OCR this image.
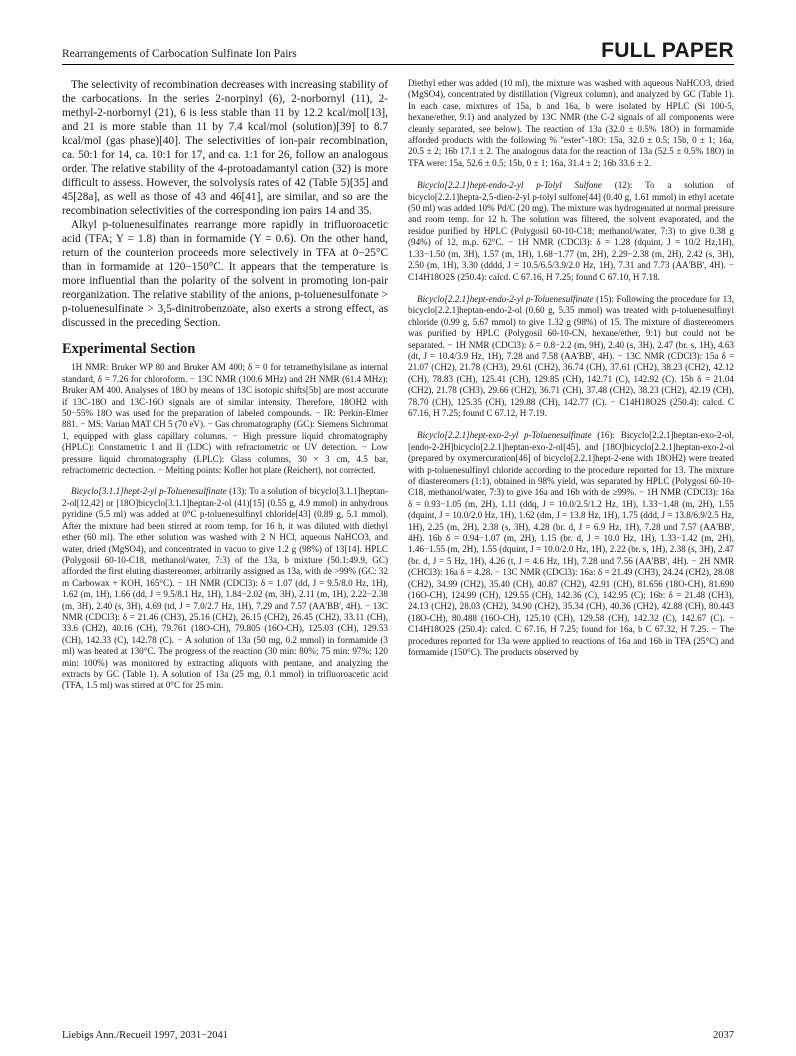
Rearrangements of Carbocation Sulfinate Ion Pairs	FULL PAPER

The selectivity of recombination decreases with increasing stability of the carbocations. In the series 2-norpinyl (6), 2-norbornyl (11), 2-methyl-2-norbornyl (21), 6 is less stable than 11 by 12.2 kcal/mol[13], and 21 is more stable than 11 by 7.4 kcal/mol (solution)[39] to 8.7 kcal/mol (gas phase)[40]. The selectivities of ion-pair recombination, ca. 50:1 for 14, ca. 10:1 for 17, and ca. 1:1 for 26, follow an analogous order. The relative stability of the 4-protoadamantyl cation (32) is more difficult to assess. However, the solvolysis rates of 42 (Table 5)[35] and 45[28a], as well as those of 43 and 46[41], are similar, and so are the recombination selectivities of the corresponding ion pairs 14 and 35.

Alkyl p-toluenesulfinates rearrange more rapidly in trifluoroacetic acid (TFA; Y = 1.8) than in formamide (Y = 0.6). On the other hand, return of the counterion proceeds more selectively in TFA at 0−25°C than in formamide at 120−150°C. It appears that the temperature is more influential than the polarity of the solvent in promoting ion-pair reorganization. The relative stability of the anions, p-toluenesulfonate > p-toluenesulfinate > 3,5-dinitrobenzoate, also exerts a strong effect, as discussed in the preceding Section.

Experimental Section

1H NMR: Bruker WP 80 and Bruker AM 400; δ = 0 for tetramethylsilane as internal standard, δ = 7.26 for chloroform. − 13C NMR (100.6 MHz) and 2H NMR (61.4 MHz): Bruker AM 400. Analyses of 18O by means of 13C isotopic shifts[5b] are most accurate if 13C-18O and 13C-16O signals are of similar intensity. Therefore, 18OH2 with 50−55% 18O was used for the preparation of labeled compounds. − IR: Perkin-Elmer 881. − MS: Varian MAT CH 5 (70 eV). − Gas chromatography (GC): Siemens Sichromat 1, equipped with glass capillary columns. − High pressure liquid chromatography (HPLC): Constametric I and II (LDC) with refractometric or UV detection. − Low pressure liquid chromatography (LPLC): Glass columns, 30 × 3 cm, 4.5 bar, refractometric dectection. − Melting points: Kofler hot plate (Reichert), not corrected.

Bicyclo[3.1.1]hept-2-yl p-Toluenesulfinate (13): To a solution of bicyclo[3.1.1]heptan-2-ol[12,42] or [18O]bicyclo[3.1.1]heptan-2-ol (41)[15] (0.55 g, 4.9 mmol) in anhydrous pyridine (5.5 ml) was added at 0°C p-toluenesulfinyl chloride[43] (0.89 g, 5.1 mmol). After the mixture had been stirred at room temp. for 16 h, it was diluted with diethyl ether (60 ml). The ether solution was washed with 2 N HCl, aqueous NaHCO3, and water, dried (MgSO4), and concentrated in vacuo to give 1.2 g (98%) of 13[14]. HPLC (Polygosil 60-10-C18, methanol/water, 7:3) of the 13a, b mixture (50.1:49.9, GC) afforded the first eluting diastereomer, arbitrarily assigned as 13a, with de >99% (GC: 32 m Carbowax + KOH, 165°C). − 1H NMR (CDCl3): δ = 1.07 (dd, J = 9.5/8.0 Hz, 1H), 1.62 (m, 1H), 1.66 (dd, J = 9.5/8.1 Hz, 1H), 1.84−2.02 (m, 3H), 2.11 (m, 1H), 2.22−2.38 (m, 3H), 2.40 (s, 3H), 4.69 (td, J = 7.0/2.7 Hz, 1H), 7.29 and 7.57 (AA'BB', 4H). − 13C NMR (CDCl3): δ = 21.46 (CH3), 25.16 (CH2), 26.15 (CH2), 26.45 (CH2), 33.11 (CH), 33.6 (CH2), 40.16 (CH), 79.761 (18O-CH), 79.805 (16O-CH), 125.03 (CH), 129.53 (CH), 142.33 (C), 142.78 (C). − A solution of 13a (50 mg, 0.2 mmol) in formamide (3 ml) was heated at 130°C. The progress of the reaction (30 min: 80%; 75 min: 97%; 120 min: 100%) was monitored by extracting aliquots with pentane, and analyzing the extracts by GC (Table 1). A solution of 13a (25 mg, 0.1 mmol) in trifluoroacetic acid (TFA, 1.5 ml) was stirred at 0°C for 25 min.

Diethyl ether was added (10 ml), the mixture was washed with aqueous NaHCO3, dried (MgSO4), concentrated by distillation (Vigreux column), and analyzed by GC (Table 1). In each case, mixtures of 15a, b and 16a, b were isolated by HPLC (Si 100-5, hexane/ether, 9:1) and analyzed by 13C NMR (the C-2 signals of all components were cleanly separated, see below). The reaction of 13a (32.0 ± 0.5% 18O) in formamide afforded products with the following % "ester"-18O: 15a, 32.0 ± 0.5; 15b, 0 ± 1; 16a, 20.5 ± 2; 16b 17.1 ± 2. The analogous data for the reaction of 13a (52.5 ± 0.5% 18O) in TFA were: 15a, 52.6 ± 0.5; 15b, 0 ± 1; 16a, 31.4 ± 2; 16b 33.6 ± 2.

Bicyclo[2.2.1]hept-endo-2-yl p-Tolyl Sulfone (12): To a solution of bicyclo[2.2.1]hepta-2,5-dien-2-yl p-tolyl sulfone[44] (0.40 g, 1.61 mmol) in ethyl acetate (50 ml) was added 10% Pd/C (20 mg). The mixture was hydrogenated at normal pressure and room temp. for 12 h. The solution was filtered, the solvent evaporated, and the residue purified by HPLC (Polygosil 60-10-C18; methanol/water, 7:3) to give 0.38 g (94%) of 12, m.p. 62°C. − 1H NMR (CDCl3): δ = 1.28 (dquint, J = 10/2 Hz,1H), 1.33−1.50 (m, 3H), 1.57 (m, 1H), 1.68−1.77 (m, 2H), 2.29−2.38 (m, 2H), 2.42 (s, 3H), 2.50 (m, 1H), 3.30 (dddd, J = 10.5/6.5/3.9/2.0 Hz, 1H), 7.31 and 7.73 (AA'BB', 4H). − C14H18O2S (250.4): calcd. C 67.16, H 7.25; found C 67.10, H 7.18.

Bicyclo[2.2.1]hept-endo-2-yl p-Toluenesulfinate (15): Following the procedure for 13, bicyclo[2.2.1]heptan-endo-2-ol (0.60 g, 5.35 mmol) was treated with p-toluenesulfinyl chloride (0.99 g, 5.67 mmol) to give 1.32 g (98%) of 15. The mixture of diastereomers was purified by HPLC (Polygosil 60-10-CN, hexane/ether, 9:1) but could not be separated. − 1H NMR (CDCl3): δ = 0.8−2.2 (m, 9H), 2.40 (s, 3H), 2.47 (br. s, 1H), 4.63 (dt, J = 10.4/3.9 Hz, 1H), 7.28 and 7.58 (AA'BB', 4H). − 13C NMR (CDCl3): 15a δ = 21.07 (CH2), 21.78 (CH3), 29.61 (CH2), 36.74 (CH), 37.61 (CH2), 38.23 (CH2), 42.12 (CH), 78.83 (CH), 125.41 (CH), 129.85 (CH), 142.71 (C), 142.92 (C). 15b δ = 21.04 (CH2), 21.78 (CH3), 29.66 (CH2), 36.71 (CH), 37.48 (CH2), 38.23 (CH2), 42.19 (CH), 78.70 (CH), 125.35 (CH), 129.88 (CH), 142.77 (C). − C14H18O2S (250.4): calcd. C 67.16, H 7.25; found C 67.12, H 7.19.

Bicyclo[2.2.1]hept-exo-2-yl p-Toluenesulfinate (16): Bicyclo[2.2.1]heptan-exo-2-ol, [endo-2-2H]bicyclo[2.2.1]heptan-exo-2-ol[45], and [18O]bicyclo[2.2.1]heptan-exo-2-ol (prepared by oxymercuration[46] of bicyclo[2.2.1]hept-2-ene with 18OH2) were treated with p-toluenesulfinyl chloride according to the procedure reported for 13. The mixture of diastereomers (1:1), obtained in 98% yield, was separated by HPLC (Polygosi 60-10-C18, methanol/water, 7:3) to give 16a and 16b with de ≥99%. − 1H NMR (CDCl3): 16a δ = 0.93−1.05 (m, 2H), 1.11 (ddq, J = 10.0/2.5/1.2 Hz, 1H), 1.33−1.48 (m, 2H), 1.55 (dquint, J = 10.0/2.0 Hz, 1H), 1.62 (dm, J = 13.8 Hz, 1H), 1.75 (ddd, J = 13.8/6.9/2.5 Hz, 1H), 2.25 (m, 2H), 2.38 (s, 3H), 4.28 (br. d, J = 6.9 Hz, 1H), 7.28 und 7.57 (AA'BB', 4H). 16b δ = 0.94−1.07 (m, 2H), 1.15 (br. d, J = 10.0 Hz, 1H), 1.33−1.42 (m, 2H), 1.46−1.55 (m, 2H), 1.55 (dquint, J = 10.0/2.0 Hz, 1H), 2.22 (br. s, 1H), 2.38 (s, 3H), 2.47 (br. d, J = 5 Hz, 1H), 4.26 (t, J = 4.6 Hz, 1H), 7.28 und 7.56 (AA'BB', 4H). − 2H NMR (CHCl3): 16a δ = 4.28. − 13C NMR (CDCl3): 16a: δ = 21.49 (CH3), 24.24 (CH2), 28.08 (CH2), 34.99 (CH2), 35.40 (CH), 40.87 (CH2), 42.91 (CH), 81.656 (18O-CH), 81.690 (16O-CH), 124.99 (CH), 129.55 (CH), 142.36 (C), 142.95 (C); 16b: δ = 21.48 (CH3), 24.13 (CH2), 28.03 (CH2), 34.90 (CH2), 35.34 (CH), 40.36 (CH2), 42.88 (CH), 80.443 (18O-CH), 80.488 (16O-CH), 125.10 (CH), 129.58 (CH), 142.32 (C), 142.67 (C). − C14H18O2S (250.4): calcd. C 67.16, H 7.25; found for 16a, b C 67.32, H 7.25. − The procedures reported for 13a were applied to reactions of 16a and 16b in TFA (25°C) and formamide (150°C). The products observed by

Liebigs Ann./Recueil 1997, 2031−2041	2037
